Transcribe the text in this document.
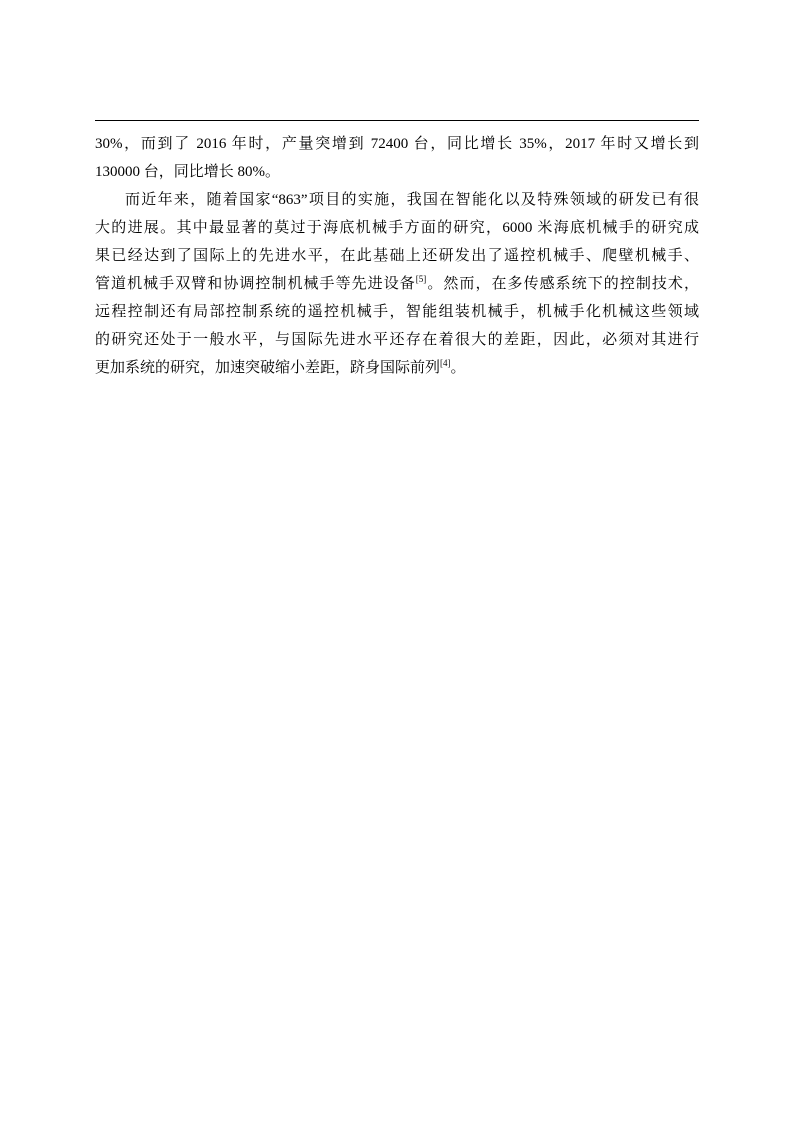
30%，而到了 2016 年时，产量突增到 72400 台，同比增长 35%，2017 年时又增长到
130000 台，同比增长 80%。
而近年来，随着国家“863”项目的实施，我国在智能化以及特殊领域的研发已有很
大的进展。其中最显著的莫过于海底机械手方面的研究，6000 米海底机械手的研究成
果已经达到了国际上的先进水平，在此基础上还研发出了遥控机械手、爬壁机械手、
管道机械手双臂和协调控制机械手等先进设备[5]。然而，在多传感系统下的控制技术，
远程控制还有局部控制系统的遥控机械手，智能组装机械手，机械手化机械这些领域
的研究还处于一般水平，与国际先进水平还存在着很大的差距，因此，必须对其进行
更加系统的研究，加速突破缩小差距，跻身国际前列[4]。
